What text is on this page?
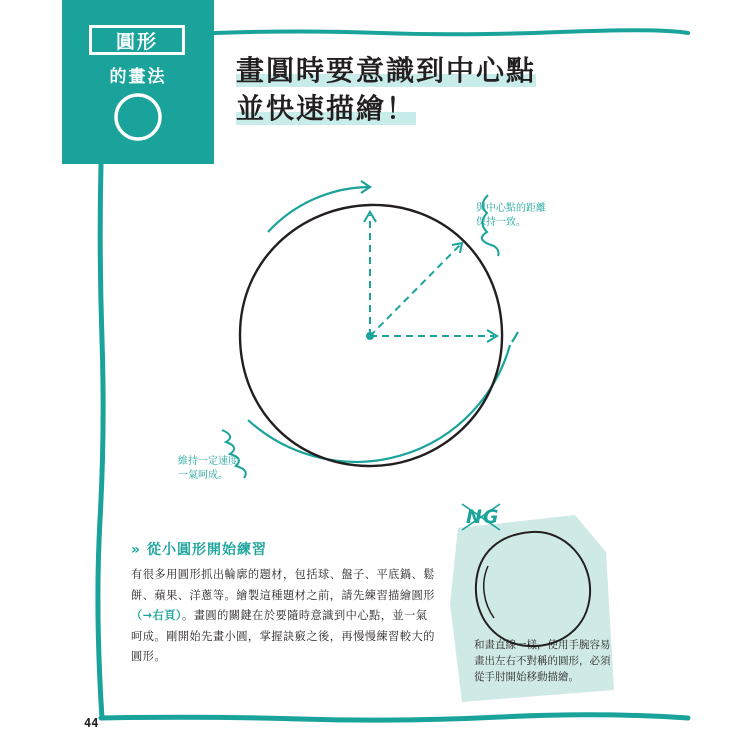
圓形
的畫法	畫圓時要意識到中心點
並快速描繪！
與中心點的距離
保持一致。
維持一定速度
一氣呵成。
» 從小圓形開始練習
有很多用圓形抓出輪廓的題材，包括球、盤子、平底鍋、鬆餅、蘋果、洋蔥等。繪製這種題材之前，請先練習描繪圓形（→右頁）。畫圓的關鍵在於要隨時意識到中心點，並一氣呵成。剛開始先畫小圓，掌握訣竅之後，再慢慢練習較大的圓形。
NG
和畫直線一樣，使用手腕容易畫出左右不對稱的圓形，必須從手肘開始移動描繪。
44
